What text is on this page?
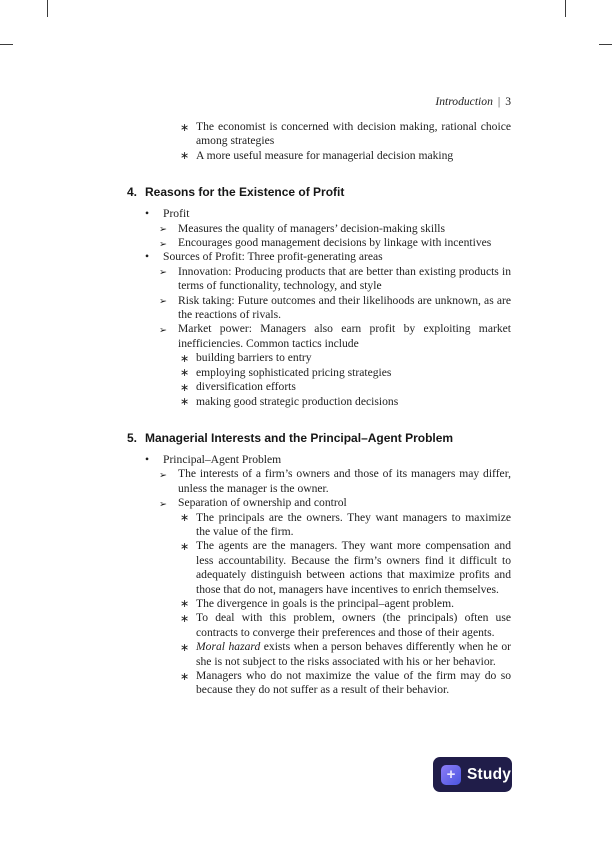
Introduction | 3
∗ The economist is concerned with decision making, rational choice among strategies
∗ A more useful measure for managerial decision making
4. Reasons for the Existence of Profit
• Profit
➢ Measures the quality of managers’ decision-making skills
➢ Encourages good management decisions by linkage with incentives
• Sources of Profit: Three profit-generating areas
➢ Innovation: Producing products that are better than existing products in terms of functionality, technology, and style
➢ Risk taking: Future outcomes and their likelihoods are unknown, as are the reactions of rivals.
➢ Market power: Managers also earn profit by exploiting market inefficiencies. Common tactics include
∗ building barriers to entry
∗ employing sophisticated pricing strategies
∗ diversification efforts
∗ making good strategic production decisions
5. Managerial Interests and the Principal–Agent Problem
• Principal–Agent Problem
➢ The interests of a firm’s owners and those of its managers may differ, unless the manager is the owner.
➢ Separation of ownership and control
∗ The principals are the owners. They want managers to maximize the value of the firm.
∗ The agents are the managers. They want more compensation and less accountability. Because the firm’s owners find it difficult to adequately distinguish between actions that maximize profits and those that do not, managers have incentives to enrich themselves.
∗ The divergence in goals is the principal–agent problem.
∗ To deal with this problem, owners (the principals) often use contracts to converge their preferences and those of their agents.
∗ Moral hazard exists when a person behaves differently when he or she is not subject to the risks associated with his or her behavior.
∗ Managers who do not maximize the value of the firm may do so because they do not suffer as a result of their behavior.
+ Study
